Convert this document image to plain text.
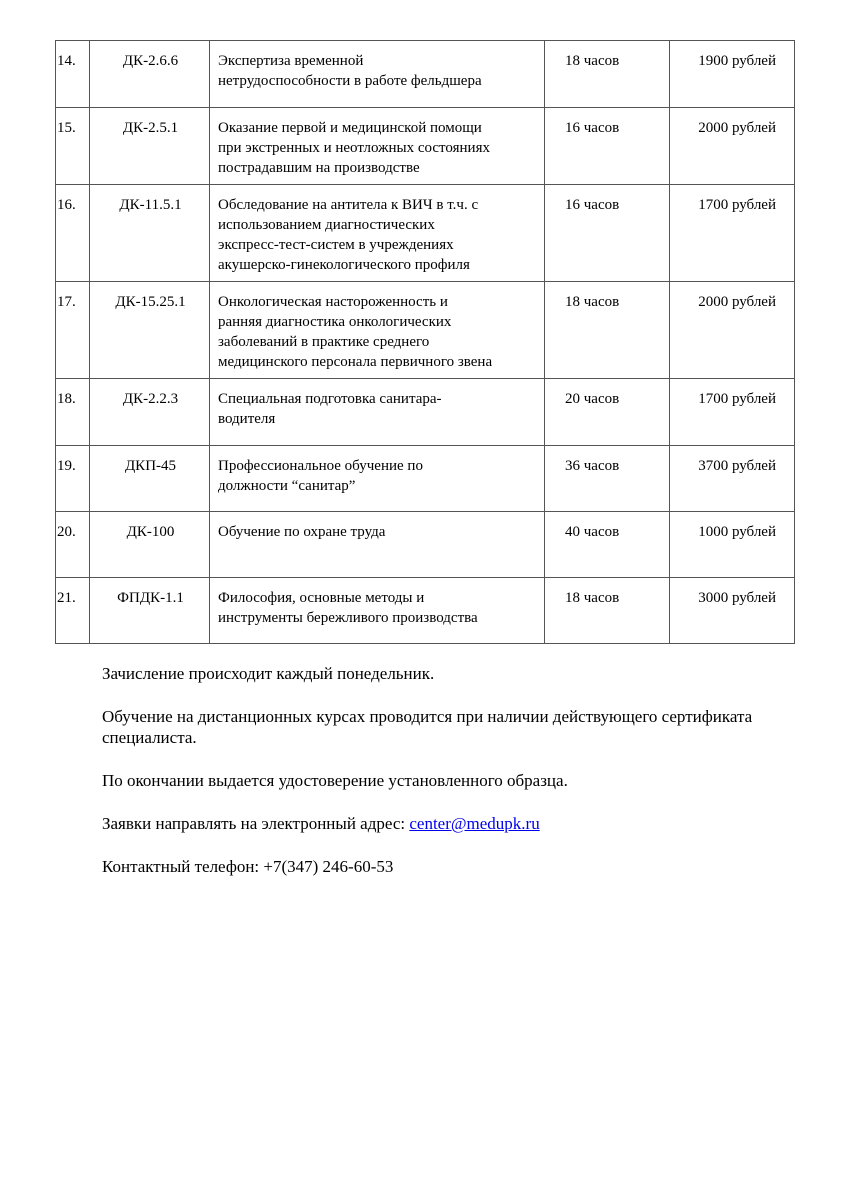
14.	ДК-2.6.6	Экспертиза временной
нетрудоспособности в работе фельдшера	18 часов	1900 рублей
15.	ДК-2.5.1	Оказание первой и медицинской помощи
при экстренных и неотложных состояниях
пострадавшим на производстве	16 часов	2000 рублей
16.	ДК-11.5.1	Обследование на антитела к ВИЧ в т.ч. с
использованием диагностических
экспресс-тест-систем в учреждениях
акушерско-гинекологического профиля	16 часов	1700 рублей
17.	ДК-15.25.1	Онкологическая настороженность и
ранняя диагностика онкологических
заболеваний в практике среднего
медицинского персонала первичного звена	18 часов	2000 рублей
18.	ДК-2.2.3	Специальная подготовка санитара-
водителя	20 часов	1700 рублей
19.	ДКП-45	Профессиональное обучение по
должности “санитар”	36 часов	3700 рублей
20.	ДК-100	Обучение по охране труда	40 часов	1000 рублей
21.	ФПДК-1.1	Философия, основные методы и
инструменты бережливого производства	18 часов	3000 рублей

Зачисление происходит каждый понедельник.

Обучение на дистанционных курсах проводится при наличии действующего сертификата специалиста.

По окончании выдается удостоверение установленного образца.

Заявки направлять на электронный адрес: center@medupk.ru

Контактный телефон: +7(347) 246-60-53
